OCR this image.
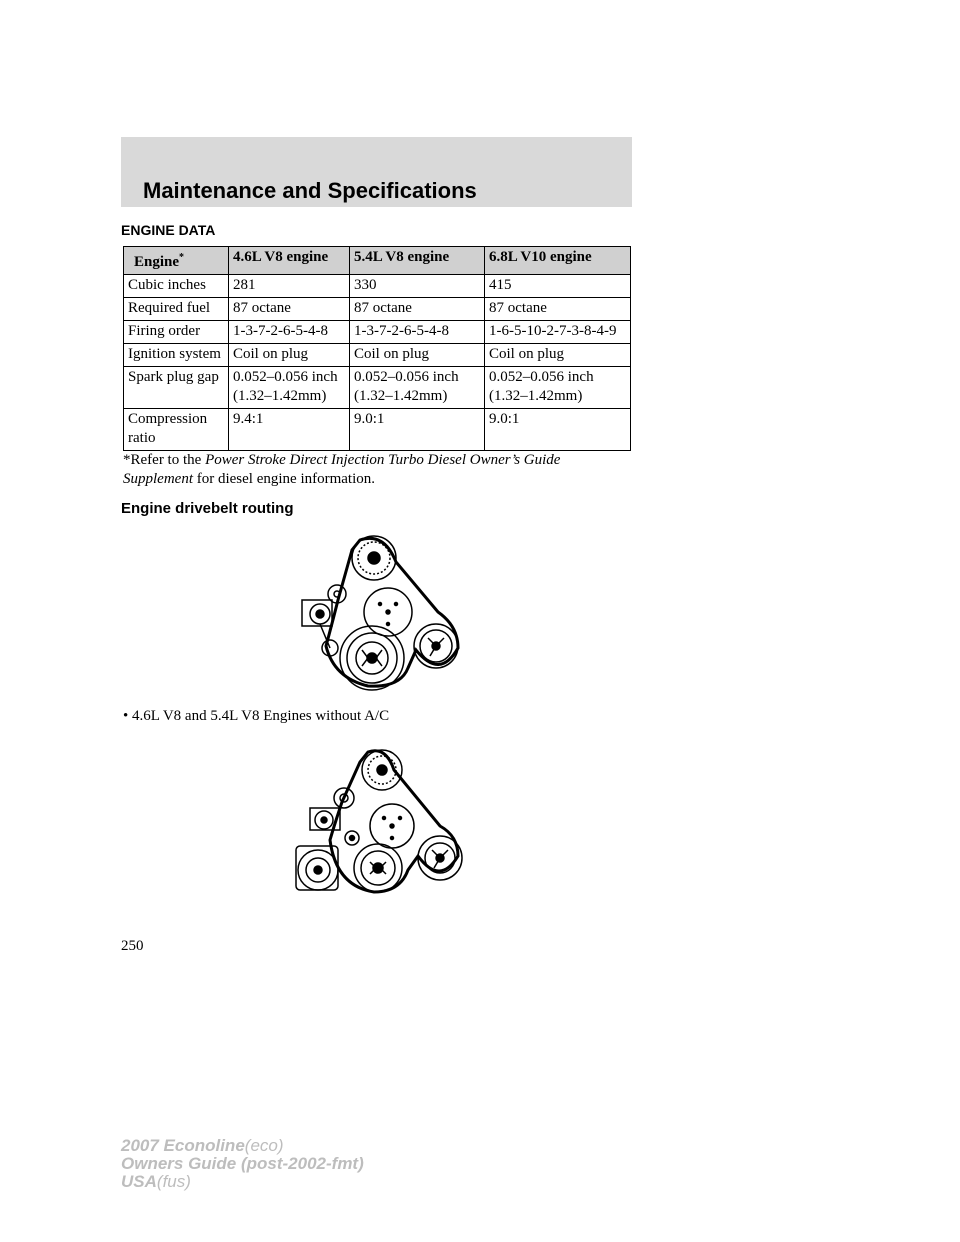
Maintenance and Specifications
ENGINE DATA
Engine*	4.6L V8 engine	5.4L V8 engine	6.8L V10 engine
Cubic inches	281	330	415
Required fuel	87 octane	87 octane	87 octane
Firing order	1-3-7-2-6-5-4-8	1-3-7-2-6-5-4-8	1-6-5-10-2-7-3-8-4-9
Ignition system	Coil on plug	Coil on plug	Coil on plug
Spark plug gap	0.052–0.056 inch (1.32–1.42mm)	0.052–0.056 inch (1.32–1.42mm)	0.052–0.056 inch (1.32–1.42mm)
Compression ratio	9.4:1	9.0:1	9.0:1
*Refer to the Power Stroke Direct Injection Turbo Diesel Owner’s Guide Supplement for diesel engine information.
Engine drivebelt routing
• 4.6L V8 and 5.4L V8 Engines without A/C
250
2007 Econoline(eco)
Owners Guide (post-2002-fmt)
USA(fus)
